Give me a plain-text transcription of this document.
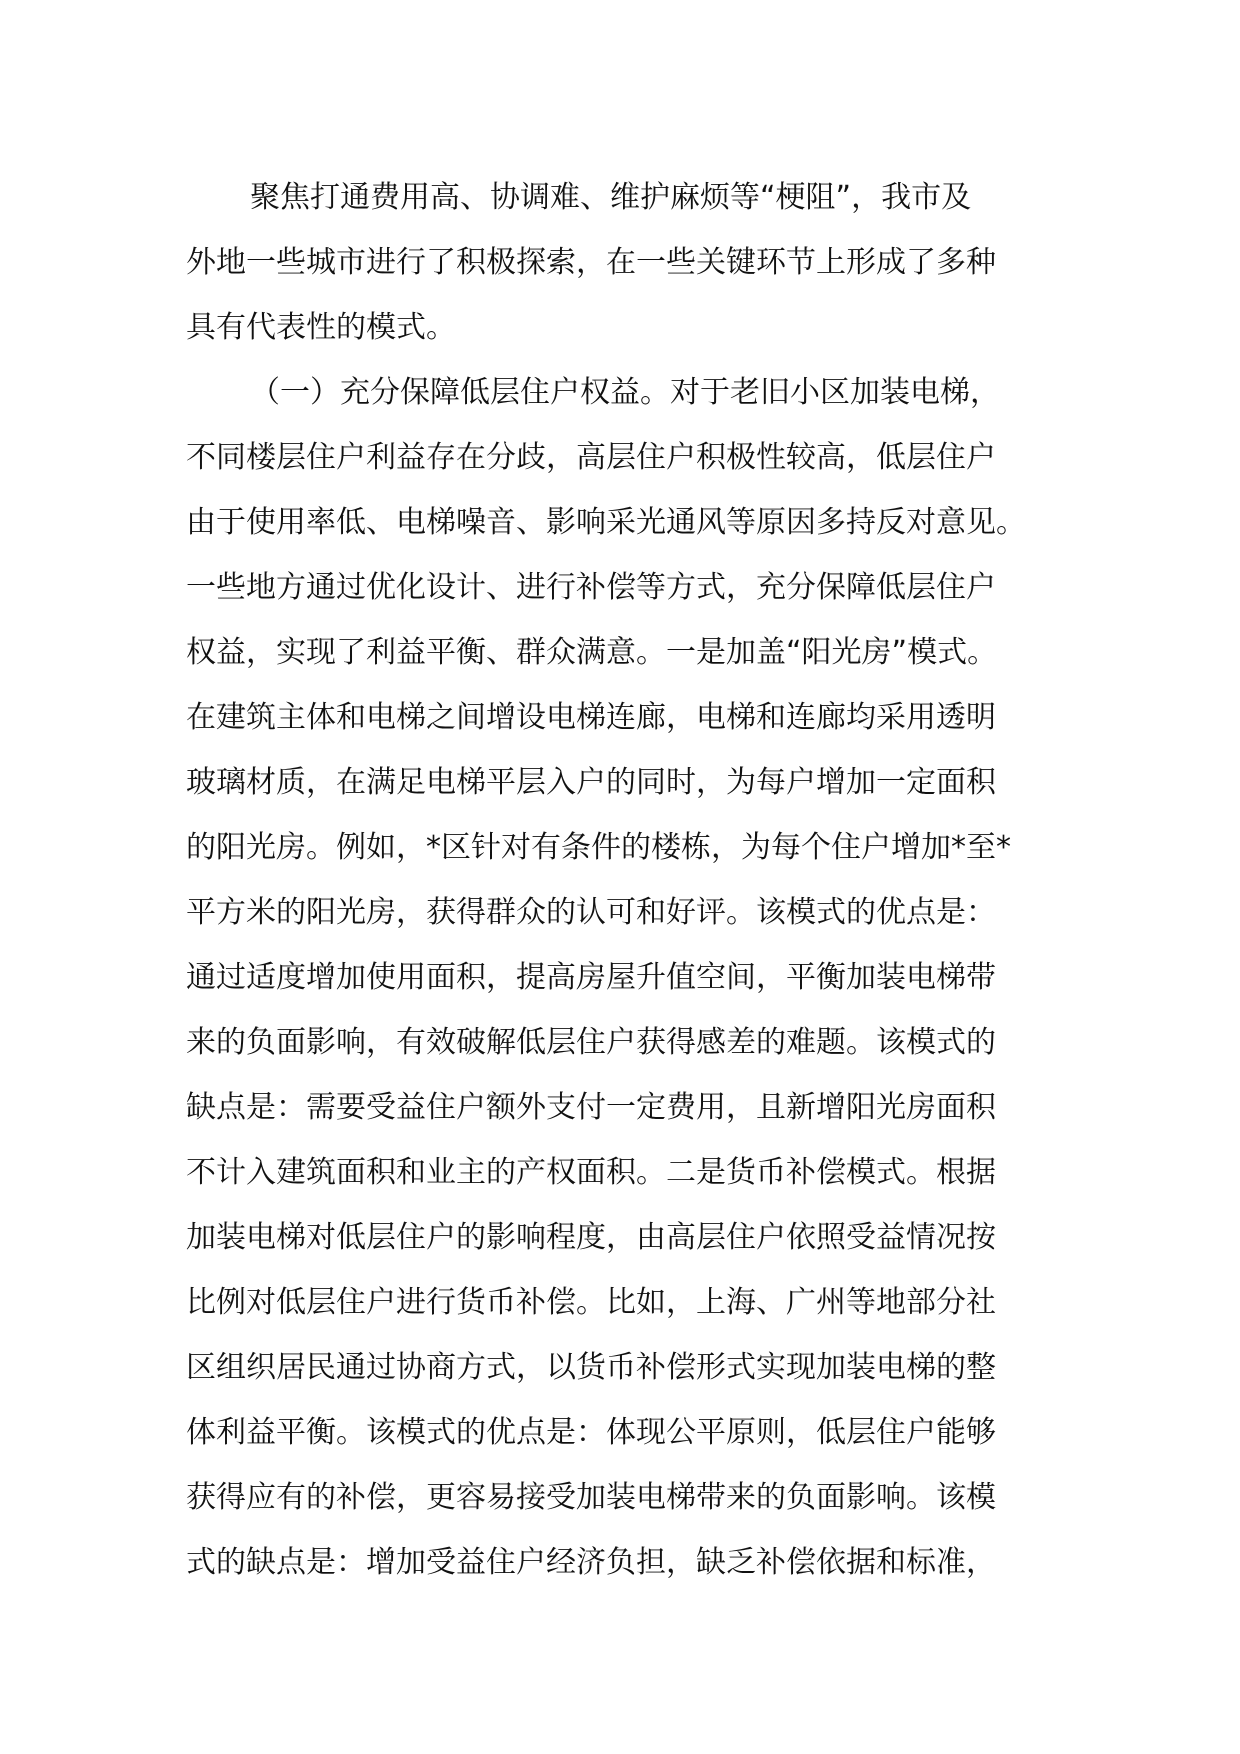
聚焦打通费用高、协调难、维护麻烦等“梗阻”，我市及
外地一些城市进行了积极探索，在一些关键环节上形成了多种
具有代表性的模式。
（一）充分保障低层住户权益。对于老旧小区加装电梯，
不同楼层住户利益存在分歧，高层住户积极性较高，低层住户
由于使用率低、电梯噪音、影响采光通风等原因多持反对意见。
一些地方通过优化设计、进行补偿等方式，充分保障低层住户
权益，实现了利益平衡、群众满意。一是加盖“阳光房”模式。
在建筑主体和电梯之间增设电梯连廊，电梯和连廊均采用透明
玻璃材质，在满足电梯平层入户的同时，为每户增加一定面积
的阳光房。例如，*区针对有条件的楼栋，为每个住户增加*至*
平方米的阳光房，获得群众的认可和好评。该模式的优点是：
通过适度增加使用面积，提高房屋升值空间，平衡加装电梯带
来的负面影响，有效破解低层住户获得感差的难题。该模式的
缺点是：需要受益住户额外支付一定费用，且新增阳光房面积
不计入建筑面积和业主的产权面积。二是货币补偿模式。根据
加装电梯对低层住户的影响程度，由高层住户依照受益情况按
比例对低层住户进行货币补偿。比如，上海、广州等地部分社
区组织居民通过协商方式，以货币补偿形式实现加装电梯的整
体利益平衡。该模式的优点是：体现公平原则，低层住户能够
获得应有的补偿，更容易接受加装电梯带来的负面影响。该模
式的缺点是：增加受益住户经济负担，缺乏补偿依据和标准，
